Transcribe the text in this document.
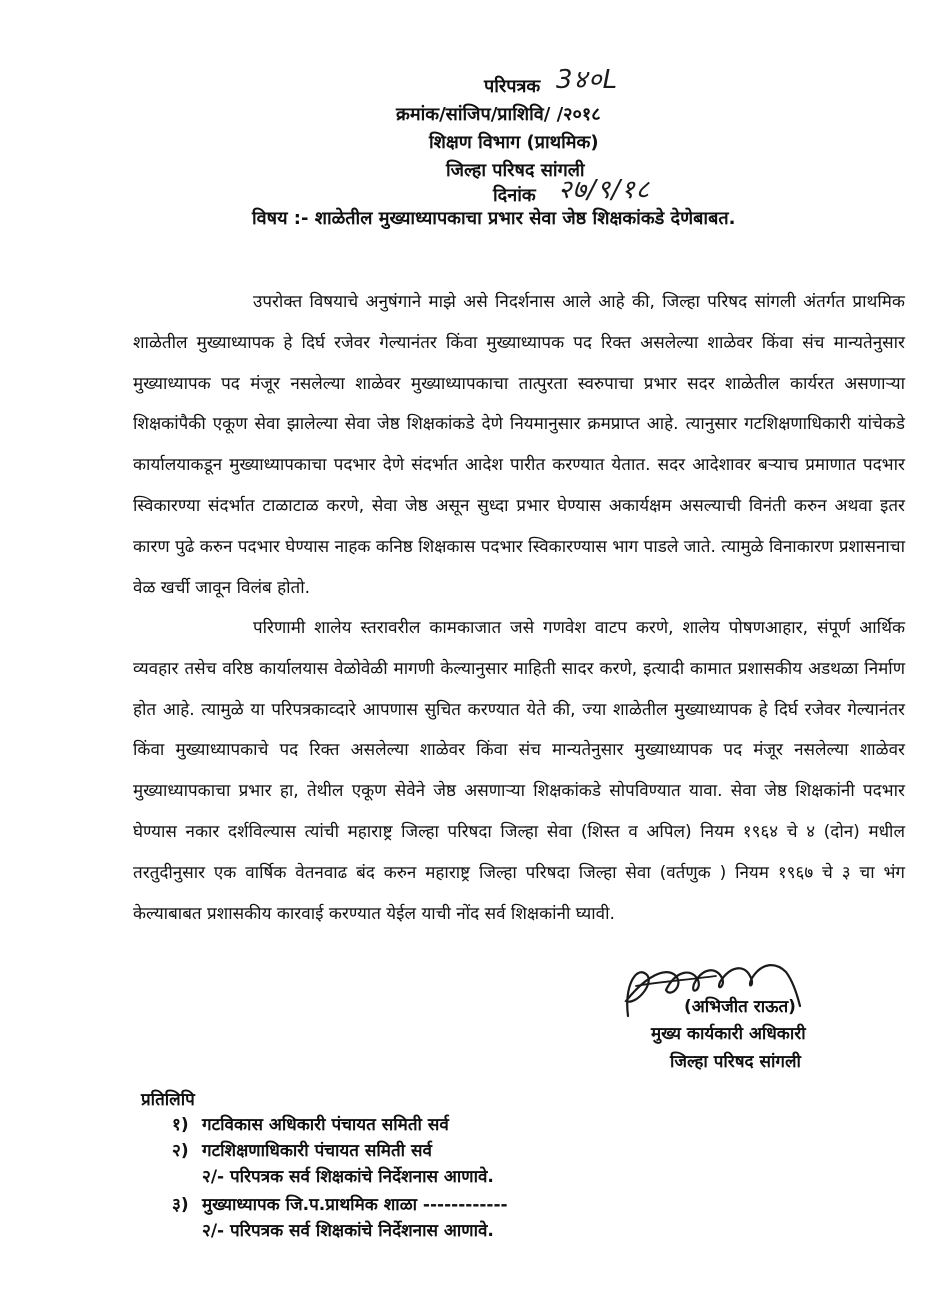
परिपत्रक 3४०L
क्रमांक/सांजिप/प्राशिवि/ /२०१८
शिक्षण विभाग (प्राथमिक)
जिल्हा परिषद सांगली
दिनांक २७/९/१८
विषय :- शाळेतील मुख्याध्यापकाचा प्रभार सेवा जेष्ठ शिक्षकांकडे देणेबाबत.

उपरोक्त विषयाचे अनुषंगाने माझे असे निदर्शनास आले आहे की, जिल्हा परिषद सांगली अंतर्गत प्राथमिक शाळेतील मुख्याध्यापक हे दिर्घ रजेवर गेल्यानंतर किंवा मुख्याध्यापक पद रिक्त असलेल्या शाळेवर किंवा संच मान्यतेनुसार मुख्याध्यापक पद मंजूर नसलेल्या शाळेवर मुख्याध्यापकाचा तात्पुरता स्वरुपाचा प्रभार सदर शाळेतील कार्यरत असणाऱ्या शिक्षकांपैकी एकूण सेवा झालेल्या सेवा जेष्ठ शिक्षकांकडे देणे नियमानुसार क्रमप्राप्त आहे. त्यानुसार गटशिक्षणाधिकारी यांचेकडे कार्यालयाकडून मुख्याध्यापकाचा पदभार देणे संदर्भात आदेश पारीत करण्यात येतात. सदर आदेशावर बऱ्याच प्रमाणात पदभार स्विकारण्या संदर्भात टाळाटाळ करणे, सेवा जेष्ठ असून सुध्दा प्रभार घेण्यास अकार्यक्षम असल्याची विनंती करुन अथवा इतर कारण पुढे करुन पदभार घेण्यास नाहक कनिष्ठ शिक्षकास पदभार स्विकारण्यास भाग पाडले जाते. त्यामुळे विनाकारण प्रशासनाचा वेळ खर्ची जावून विलंब होतो.

परिणामी शालेय स्तरावरील कामकाजात जसे गणवेश वाटप करणे, शालेय पोषणआहार, संपूर्ण आर्थिक व्यवहार तसेच वरिष्ठ कार्यालयास वेळोवेळी मागणी केल्यानुसार माहिती सादर करणे, इत्यादी कामात प्रशासकीय अडथळा निर्माण होत आहे. त्यामुळे या परिपत्रकाव्दारे आपणास सुचित करण्यात येते की, ज्या शाळेतील मुख्याध्यापक हे दिर्घ रजेवर गेल्यानंतर किंवा मुख्याध्यापकाचे पद रिक्त असलेल्या शाळेवर किंवा संच मान्यतेनुसार मुख्याध्यापक पद मंजूर नसलेल्या शाळेवर मुख्याध्यापकाचा प्रभार हा, तेथील एकूण सेवेने जेष्ठ असणाऱ्या शिक्षकांकडे सोपविण्यात यावा. सेवा जेष्ठ शिक्षकांनी पदभार घेण्यास नकार दर्शविल्यास त्यांची महाराष्ट्र जिल्हा परिषदा जिल्हा सेवा (शिस्त व अपिल) नियम १९६४ चे ४ (दोन) मधील तरतुदीनुसार एक वार्षिक वेतनवाढ बंद करुन महाराष्ट्र जिल्हा परिषदा जिल्हा सेवा (वर्तणुक ) नियम १९६७ चे ३ चा भंग केल्याबाबत प्रशासकीय कारवाई करण्यात येईल याची नोंद सर्व शिक्षकांनी घ्यावी.

(अभिजीत राऊत)
मुख्य कार्यकारी अधिकारी
जिल्हा परिषद सांगली
प्रतिलिपि
१) गटविकास अधिकारी पंचायत समिती सर्व
२) गटशिक्षणाधिकारी पंचायत समिती सर्व
२/- परिपत्रक सर्व शिक्षकांचे निर्देशनास आणावे.
३) मुख्याध्यापक जि.प.प्राथमिक शाळा ------------
२/- परिपत्रक सर्व शिक्षकांचे निर्देशनास आणावे.
